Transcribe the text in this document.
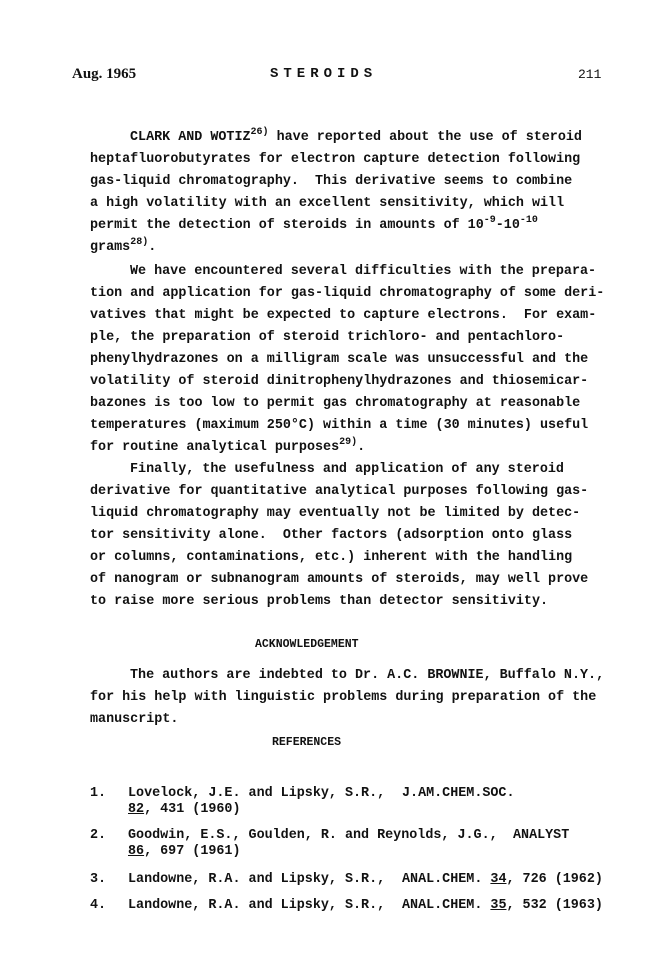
Aug. 1965	STEROIDS	211
CLARK AND WOTIZ$^{26)}$ have reported about the use of steroid
heptafluorobutyrates for electron capture detection following
gas-liquid chromatography.  This derivative seems to combine
a high volatility with an excellent sensitivity, which will
permit the detection of steroids in amounts of $10^{-9}-10^{-10}$
grams$^{28)}$.
We have encountered several difficulties with the prepara-
tion and application for gas-liquid chromatography of some deri-
vatives that might be expected to capture electrons.  For exam-
ple, the preparation of steroid trichloro- and pentachloro-
phenylhydrazones on a milligram scale was unsuccessful and the
volatility of steroid dinitrophenylhydrazones and thiosemicar-
bazones is too low to permit gas chromatography at reasonable
temperatures (maximum 250°C) within a time (30 minutes) useful
for routine analytical purposes$^{29)}$.
Finally, the usefulness and application of any steroid
derivative for quantitative analytical purposes following gas-
liquid chromatography may eventually not be limited by detec-
tor sensitivity alone.  Other factors (adsorption onto glass
or columns, contaminations, etc.) inherent with the handling
of nanogram or subnanogram amounts of steroids, may well prove
to raise more serious problems than detector sensitivity.
ACKNOWLEDGEMENT
The authors are indebted to Dr. A.C. BROWNIE, Buffalo N.Y.,
for his help with linguistic problems during preparation of the
manuscript.
REFERENCES
1. Lovelock, J.E. and Lipsky, S.R., J.AM.CHEM.SOC.
82, 431 (1960)
2. Goodwin, E.S., Goulden, R. and Reynolds, J.G., ANALYST
86, 697 (1961)
3. Landowne, R.A. and Lipsky, S.R., ANAL.CHEM. 34, 726 (1962)
4. Landowne, R.A. and Lipsky, S.R., ANAL.CHEM. 35, 532 (1963)
